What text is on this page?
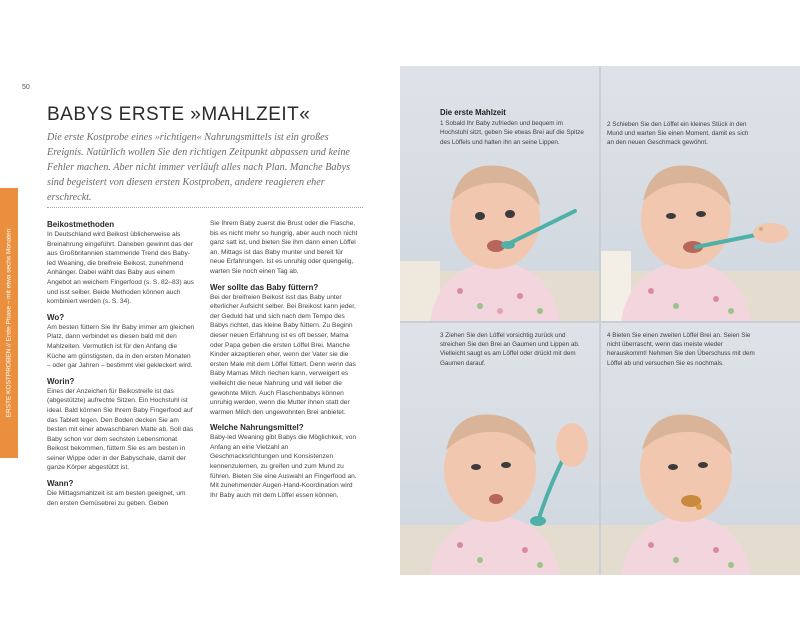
50
ERSTE KOSTPROBEN // Erste Phase – mit etwa sechs Monaten
BABYS ERSTE »MAHLZEIT«

Die erste Kostprobe eines »richtigen« Nahrungsmittels ist ein großes Ereignis. Natürlich wollen Sie den richtigen Zeitpunkt abpassen und keine Fehler machen. Aber nicht immer verläuft alles nach Plan. Manche Babys sind begeistert von diesen ersten Kostproben, andere reagieren eher erschreckt.

Beikostmethoden

In Deutschland wird Beikost üblicherweise als Breinahrung eingeführt. Daneben gewinnt das der aus Großbritannien stammende Trend des Baby-led Weaning, die breifreie Beikost, zunehmend Anhänger. Dabei wählt das Baby aus einem Angebot an weichem Fingerfood (s. S. 82–83) aus und isst selber. Beide Methoden können auch kombiniert werden (s. S. 34).

Wo?

Am besten füttern Sie Ihr Baby immer am gleichen Platz, dann verbindet es diesen bald mit den Mahlzeiten. Vermutlich ist für den Anfang die Küche am günstigsten, da in den ersten Monaten – oder gar Jahren – bestimmt viel gekleckert wird.

Worin?

Eines der Anzeichen für Beikostreife ist das (abgestützte) aufrechte Sitzen. Ein Hochstuhl ist ideal. Bald können Sie Ihrem Baby Fingerfood auf das Tablett legen. Den Boden decken Sie am besten mit einer abwaschbaren Matte ab. Soll das Baby schon vor dem sechsten Lebensmonat Beikost bekommen, füttern Sie es am besten in seiner Wippe oder in der Babyschale, damit der ganze Körper abgestützt ist.

Wann?

Die Mittagsmahlzeit ist am besten geeignet, um den ersten Gemüsebrei zu geben. Geben

Sie Ihrem Baby zuerst die Brust oder die Flasche, bis es nicht mehr so hungrig, aber auch noch nicht ganz satt ist, und bieten Sie ihm dann einen Löffel an. Mittags ist das Baby munter und bereit für neue Erfahrungen. Ist es unruhig oder quengelig, warten Sie noch einen Tag ab.

Wer sollte das Baby füttern?

Bei der breifreien Beikost isst das Baby unter elterlicher Aufsicht selber. Bei Breikost kann jeder, der Geduld hat und sich nach dem Tempo des Babys richtet, das kleine Baby füttern. Zu Beginn dieser neuen Erfahrung ist es oft besser, Mama oder Papa geben die ersten Löffel Brei. Manche Kinder akzeptieren eher, wenn der Vater sie die ersten Male mit dem Löffel füttert. Denn wenn das Baby Mamas Milch riechen kann, verweigert es vielleicht die neue Nahrung und will lieber die gewohnte Milch. Auch Flaschenbabys können unruhig werden, wenn die Mutter ihnen statt der warmen Milch den ungewohnten Brei anbietet.

Welche Nahrungsmittel?

Baby-led Weaning gibt Babys die Möglichkeit, von Anfang an eine Vielzahl an Geschmacksrichtungen und Konsistenzen kennenzulernen, zu greifen und zum Mund zu führen. Bieten Sie eine Auswahl an Fingerfood an. Mit zunehmender Augen-Hand-Koordination wird Ihr Baby auch mit dem Löffel essen können.

Die erste Mahlzeit
1 Sobald Ihr Baby zufrieden und bequem im Hochstuhl sitzt, geben Sie etwas Brei auf die Spitze des Löffels und halten ihn an seine Lippen.
2 Schieben Sie den Löffel ein kleines Stück in den Mund und warten Sie einen Moment, damit es sich an den neuen Geschmack gewöhnt.
3 Ziehen Sie den Löffel vorsichtig zurück und streichen Sie den Brei an Gaumen und Lippen ab. Vielleicht saugt es am Löffel oder drückt mit dem Gaumen darauf.
4 Bieten Sie einen zweiten Löffel Brei an. Seien Sie nicht überrascht, wenn das meiste wieder herauskommt! Nehmen Sie den Überschuss mit dem Löffel ab und versuchen Sie es nochmals.
